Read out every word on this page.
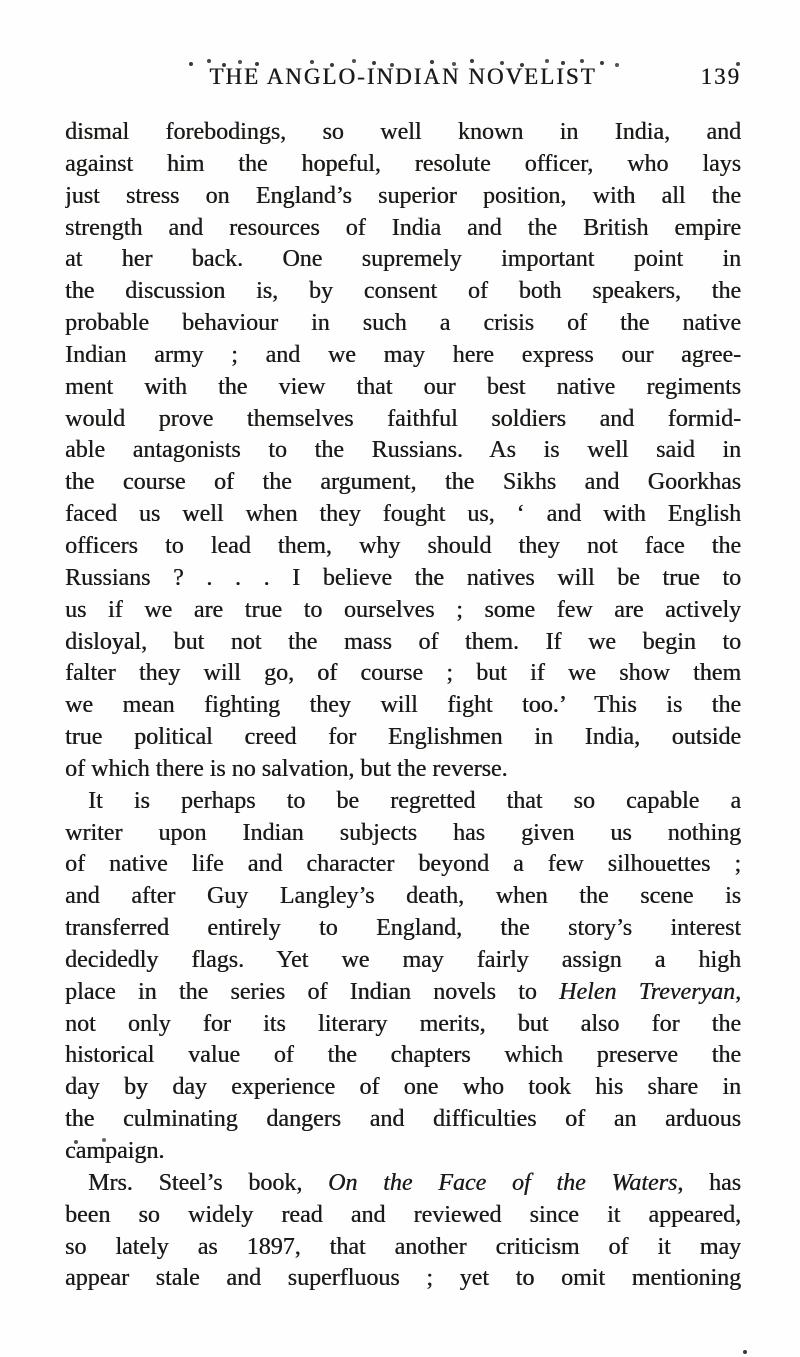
THE ANGLO-INDIAN NOVELIST	139
dismal forebodings, so well known in India, and
against him the hopeful, resolute officer, who lays
just stress on England’s superior position, with all the
strength and resources of India and the British empire
at her back. One supremely important point in
the discussion is, by consent of both speakers, the
probable behaviour in such a crisis of the native
Indian army ; and we may here express our agree-
ment with the view that our best native regiments
would prove themselves faithful soldiers and formid-
able antagonists to the Russians. As is well said in
the course of the argument, the Sikhs and Goorkhas
faced us well when they fought us, ‘ and with English
officers to lead them, why should they not face the
Russians ? . . . I believe the natives will be true to
us if we are true to ourselves ; some few are actively
disloyal, but not the mass of them. If we begin to
falter they will go, of course ; but if we show them
we mean fighting they will fight too.’ This is the
true political creed for Englishmen in India, outside
of which there is no salvation, but the reverse.
It is perhaps to be regretted that so capable a
writer upon Indian subjects has given us nothing
of native life and character beyond a few silhouettes ;
and after Guy Langley’s death, when the scene is
transferred entirely to England, the story’s interest
decidedly flags. Yet we may fairly assign a high
place in the series of Indian novels to Helen Treveryan,
not only for its literary merits, but also for the
historical value of the chapters which preserve the
day by day experience of one who took his share in
the culminating dangers and difficulties of an arduous
campaign.
Mrs. Steel’s book, On the Face of the Waters, has
been so widely read and reviewed since it appeared,
so lately as 1897, that another criticism of it may
appear stale and superfluous ; yet to omit mentioning
